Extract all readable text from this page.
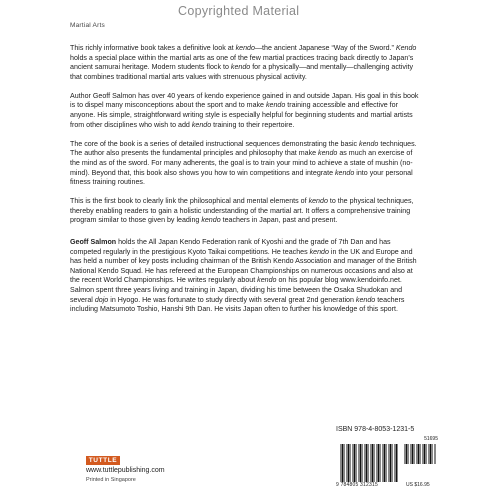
Copyrighted Material
Martial Arts

This richly informative book takes a definitive look at kendo—the ancient Japanese “Way of the Sword.” Kendo holds a special place within the martial arts as one of the few martial practices tracing back directly to Japan’s ancient samurai heritage. Modern students flock to kendo for a physically—and mentally—challenging activity that combines traditional martial arts values with strenuous physical activity.

Author Geoff Salmon has over 40 years of kendo experience gained in and outside Japan. His goal in this book is to dispel many misconceptions about the sport and to make kendo training accessible and effective for anyone. His simple, straightforward writing style is especially helpful for beginning students and martial artists from other disciplines who wish to add kendo training to their repertoire.

The core of the book is a series of detailed instructional sequences demonstrating the basic kendo techniques. The author also presents the fundamental principles and philosophy that make kendo as much an exercise of the mind as of the sword. For many adherents, the goal is to train your mind to achieve a state of mushin (no-mind). Beyond that, this book also shows you how to win competitions and integrate kendo into your personal fitness training routines.

This is the first book to clearly link the philosophical and mental elements of kendo to the physical techniques, thereby enabling readers to gain a holistic understanding of the martial art. It offers a comprehensive training program similar to those given by leading kendo teachers in Japan, past and present.

Geoff Salmon holds the All Japan Kendo Federation rank of Kyoshi and the grade of 7th Dan and has competed regularly in the prestigious Kyoto Taikai competitions. He teaches kendo in the UK and Europe and has held a number of key posts including chairman of the British Kendo Association and manager of the British National Kendo Squad. He has refereed at the European Championships on numerous occasions and also at the recent World Championships. He writes regularly about kendo on his popular blog www.kendoinfo.net. Salmon spent three years living and training in Japan, dividing his time between the Osaka Shudokan and several dojo in Hyogo. He was fortunate to study directly with several great 2nd generation kendo teachers including Matsumoto Toshio, Hanshi 9th Dan. He visits Japan often to further his knowledge of this sport.

TUTTLE
www.tuttlepublishing.com
Printed in Singapore
ISBN 978-4-8053-1231-5
51695
9 784805 312315	US $16.95
